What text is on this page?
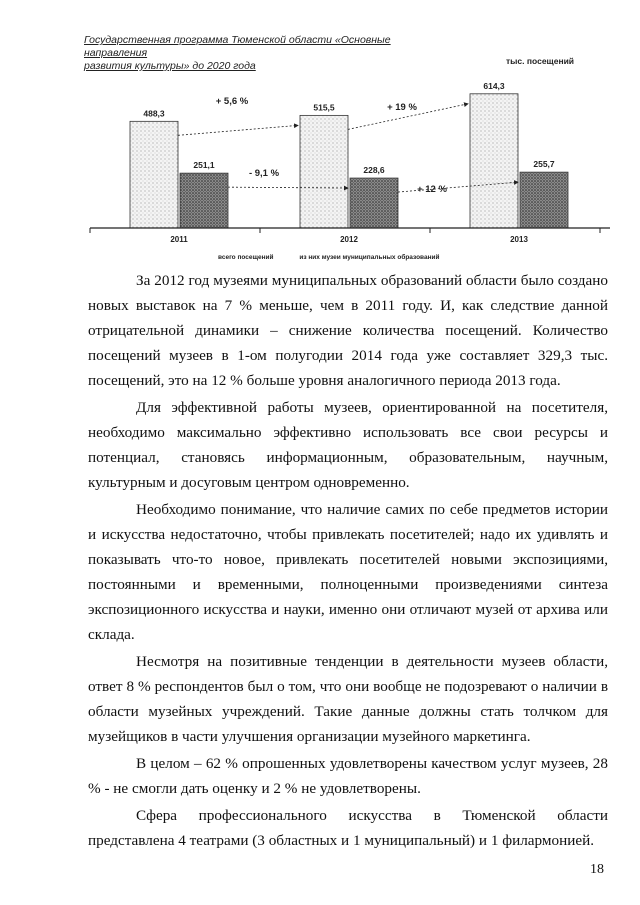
Государственная программа Тюменской области «Основные направления
развития культуры» до 2020 года	тыс. посещений
488,3
251,1
515,5
228,6
614,3
255,7
+ 5,6 %
+ 19 %
- 9,1 %
+ 12 %
2011	2012	2013
всего посещений	из них музеи муниципальных образований

За 2012 год музеями муниципальных образований области было создано новых выставок на 7 % меньше, чем в 2011 году. И, как следствие данной отрицательной динамики – снижение количества посещений. Количество посещений музеев в 1-ом полугодии 2014 года уже составляет 329,3 тыс. посещений, это на 12 % больше уровня аналогичного периода 2013 года.

Для эффективной работы музеев, ориентированной на посетителя, необходимо максимально эффективно использовать все свои ресурсы и потенциал, становясь информационным, образовательным, научным, культурным и досуговым центром одновременно.

Необходимо понимание, что наличие самих по себе предметов истории и искусства недостаточно, чтобы привлекать посетителей; надо их удивлять и показывать что-то новое, привлекать посетителей новыми экспозициями, постоянными и временными, полноценными произведениями синтеза экспозиционного искусства и науки, именно они отличают музей от архива или склада.

Несмотря на позитивные тенденции в деятельности музеев области, ответ 8 % респондентов был о том, что они вообще не подозревают о наличии в области музейных учреждений. Такие данные должны стать толчком для музейщиков в части улучшения организации музейного маркетинга.

В целом – 62 % опрошенных удовлетворены качеством услуг музеев, 28 % - не смогли дать оценку и 2 % не удовлетворены.

Сфера профессионального искусства в Тюменской области представлена 4 театрами (3 областных и 1 муниципальный) и 1 филармонией.

18
